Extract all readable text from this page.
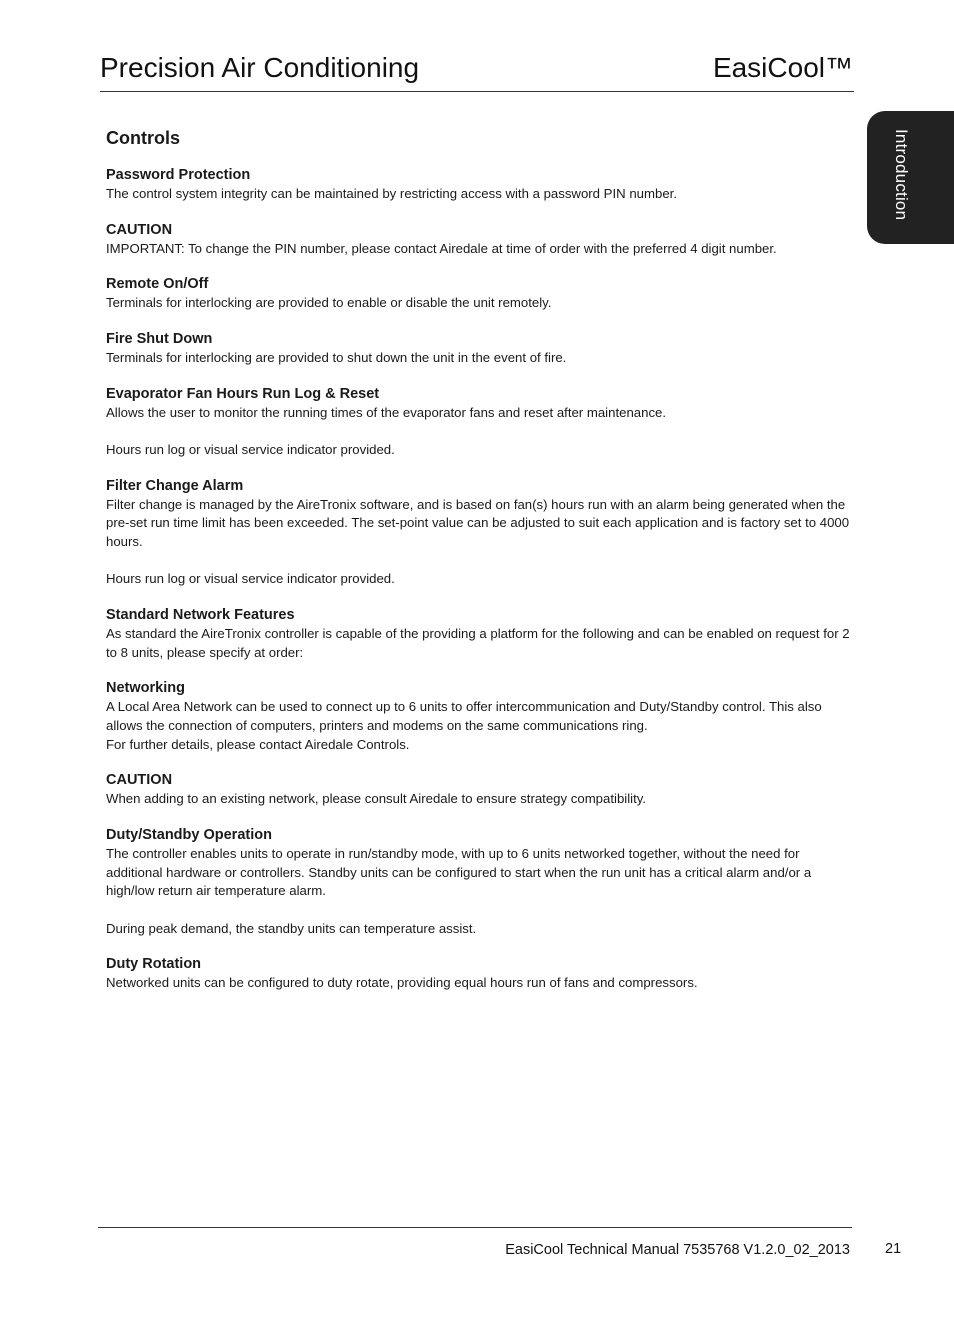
Precision Air Conditioning	EasiCool™
Introduction
Controls
Password Protection

The control system integrity can be maintained by restricting access with a password PIN number.

CAUTION

IMPORTANT: To change the PIN number, please contact Airedale at time of order with the preferred 4 digit number.

Remote On/Off

Terminals for interlocking are provided to enable or disable the unit remotely.

Fire Shut Down

Terminals for interlocking are provided to shut down the unit in the event of fire.

Evaporator Fan Hours Run Log & Reset

Allows the user to monitor the running times of the evaporator fans and reset after maintenance.

Hours run log or visual service indicator provided.

Filter Change Alarm

Filter change is managed by the AireTronix software, and is based on fan(s) hours run with an alarm being generated when the pre-set run time limit has been exceeded. The set-point value can be adjusted to suit each application and is factory set to 4000 hours.

Hours run log or visual service indicator provided.

Standard Network Features

As standard the AireTronix controller is capable of the providing a platform for the following and can be enabled on request for 2 to 8 units, please specify at order:

Networking

A Local Area Network can be used to connect up to 6 units to offer intercommunication and Duty/Standby control. This also allows the connection of computers, printers and modems on the same communications ring.
For further details, please contact Airedale Controls.

CAUTION

When adding to an existing network, please consult Airedale to ensure strategy compatibility.

Duty/Standby Operation

The controller enables units to operate in run/standby mode, with up to 6 units networked together, without the need for additional hardware or controllers. Standby units can be configured to start when the run unit has a critical alarm and/or a high/low return air temperature alarm.

During peak demand, the standby units can temperature assist.

Duty Rotation

Networked units can be configured to duty rotate, providing equal hours run of fans and compressors.

EasiCool Technical Manual 7535768 V1.2.0_02_2013 21
